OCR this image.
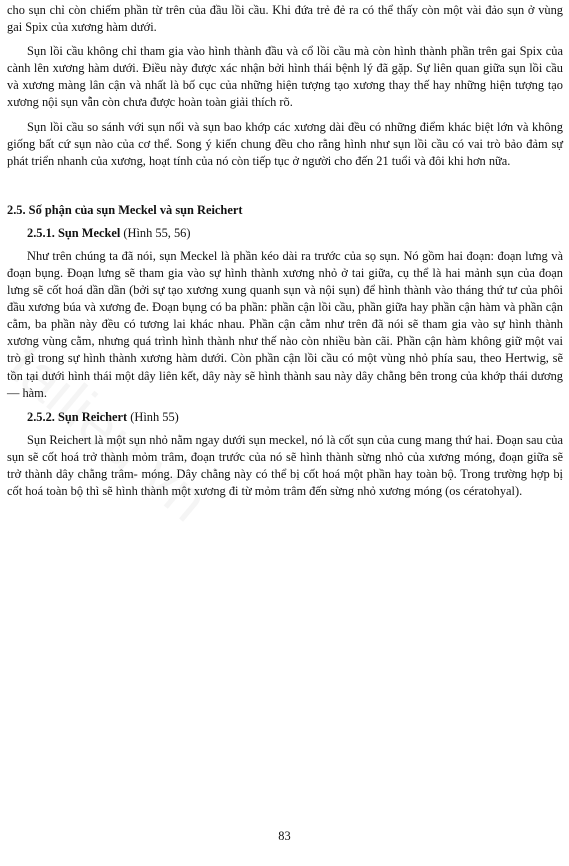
cho sụn chỉ còn chiếm phần từ trên của đầu lồi cầu. Khi đứa trẻ đẻ ra có thể thấy còn một vài đảo sụn ở vùng gai Spix của xương hàm dưới.

Sụn lồi cầu không chỉ tham gia vào hình thành đầu và cổ lồi cầu mà còn hình thành phần trên gai Spix của cành lên xương hàm dưới. Điều này được xác nhận bởi hình thái bệnh lý đã gặp. Sự liên quan giữa sụn lồi cầu và xương màng lân cận và nhất là bố cục của những hiện tượng tạo xương thay thế hay những hiện tượng tạo xương nội sụn vẫn còn chưa được hoàn toàn giải thích rõ.

Sụn lồi cầu so sánh với sụn nối và sụn bao khớp các xương dài đều có những điểm khác biệt lớn và không giống bất cứ sụn nào của cơ thể. Song ý kiến chung đều cho rằng hình như sụn lồi cầu có vai trò bảo đảm sự phát triển nhanh của xương, hoạt tính của nó còn tiếp tục ở người cho đến 21 tuổi và đôi khi hơn nữa.

2.5. Số phận của sụn Meckel và sụn Reichert
2.5.1. Sụn Meckel (Hình 55, 56)

Như trên chúng ta đã nói, sụn Meckel là phần kéo dài ra trước của sọ sụn. Nó gồm hai đoạn: đoạn lưng và đoạn bụng. Đoạn lưng sẽ tham gia vào sự hình thành xương nhỏ ở tai giữa, cụ thể là hai mảnh sụn của đoạn lưng sẽ cốt hoá dần dần (bởi sự tạo xương xung quanh sụn và nội sụn) để hình thành vào tháng thứ tư của phôi đầu xương búa và xương đe. Đoạn bụng có ba phần: phần cận lồi cầu, phần giữa hay phần cận hàm và phần cận cằm, ba phần này đều có tương lai khác nhau. Phần cận cằm như trên đã nói sẽ tham gia vào sự hình thành xương vùng cằm, nhưng quá trình hình thành như thế nào còn nhiều bàn cãi. Phần cận hàm không giữ một vai trò gì trong sự hình thành xương hàm dưới. Còn phần cận lồi cầu có một vùng nhỏ phía sau, theo Hertwig, sẽ tồn tại dưới hình thái một dây liên kết, dây này sẽ hình thành sau này dây chằng bên trong của khớp thái dương — hàm.

2.5.2. Sụn Reichert (Hình 55)

Sụn Reichert là một sụn nhỏ nằm ngay dưới sụn meckel, nó là cốt sụn của cung mang thứ hai. Đoạn sau của sụn sẽ cốt hoá trở thành mỏm trâm, đoạn trước của nó sẽ hình thành sừng nhỏ của xương móng, đoạn giữa sẽ trở thành dây chằng trâm- móng. Dây chằng này có thể bị cốt hoá một phần hay toàn bộ. Trong trường hợp bị cốt hoá toàn bộ thì sẽ hình thành một xương đi từ mỏm trâm đến sừng nhỏ xương móng (os cératohyal).

83
